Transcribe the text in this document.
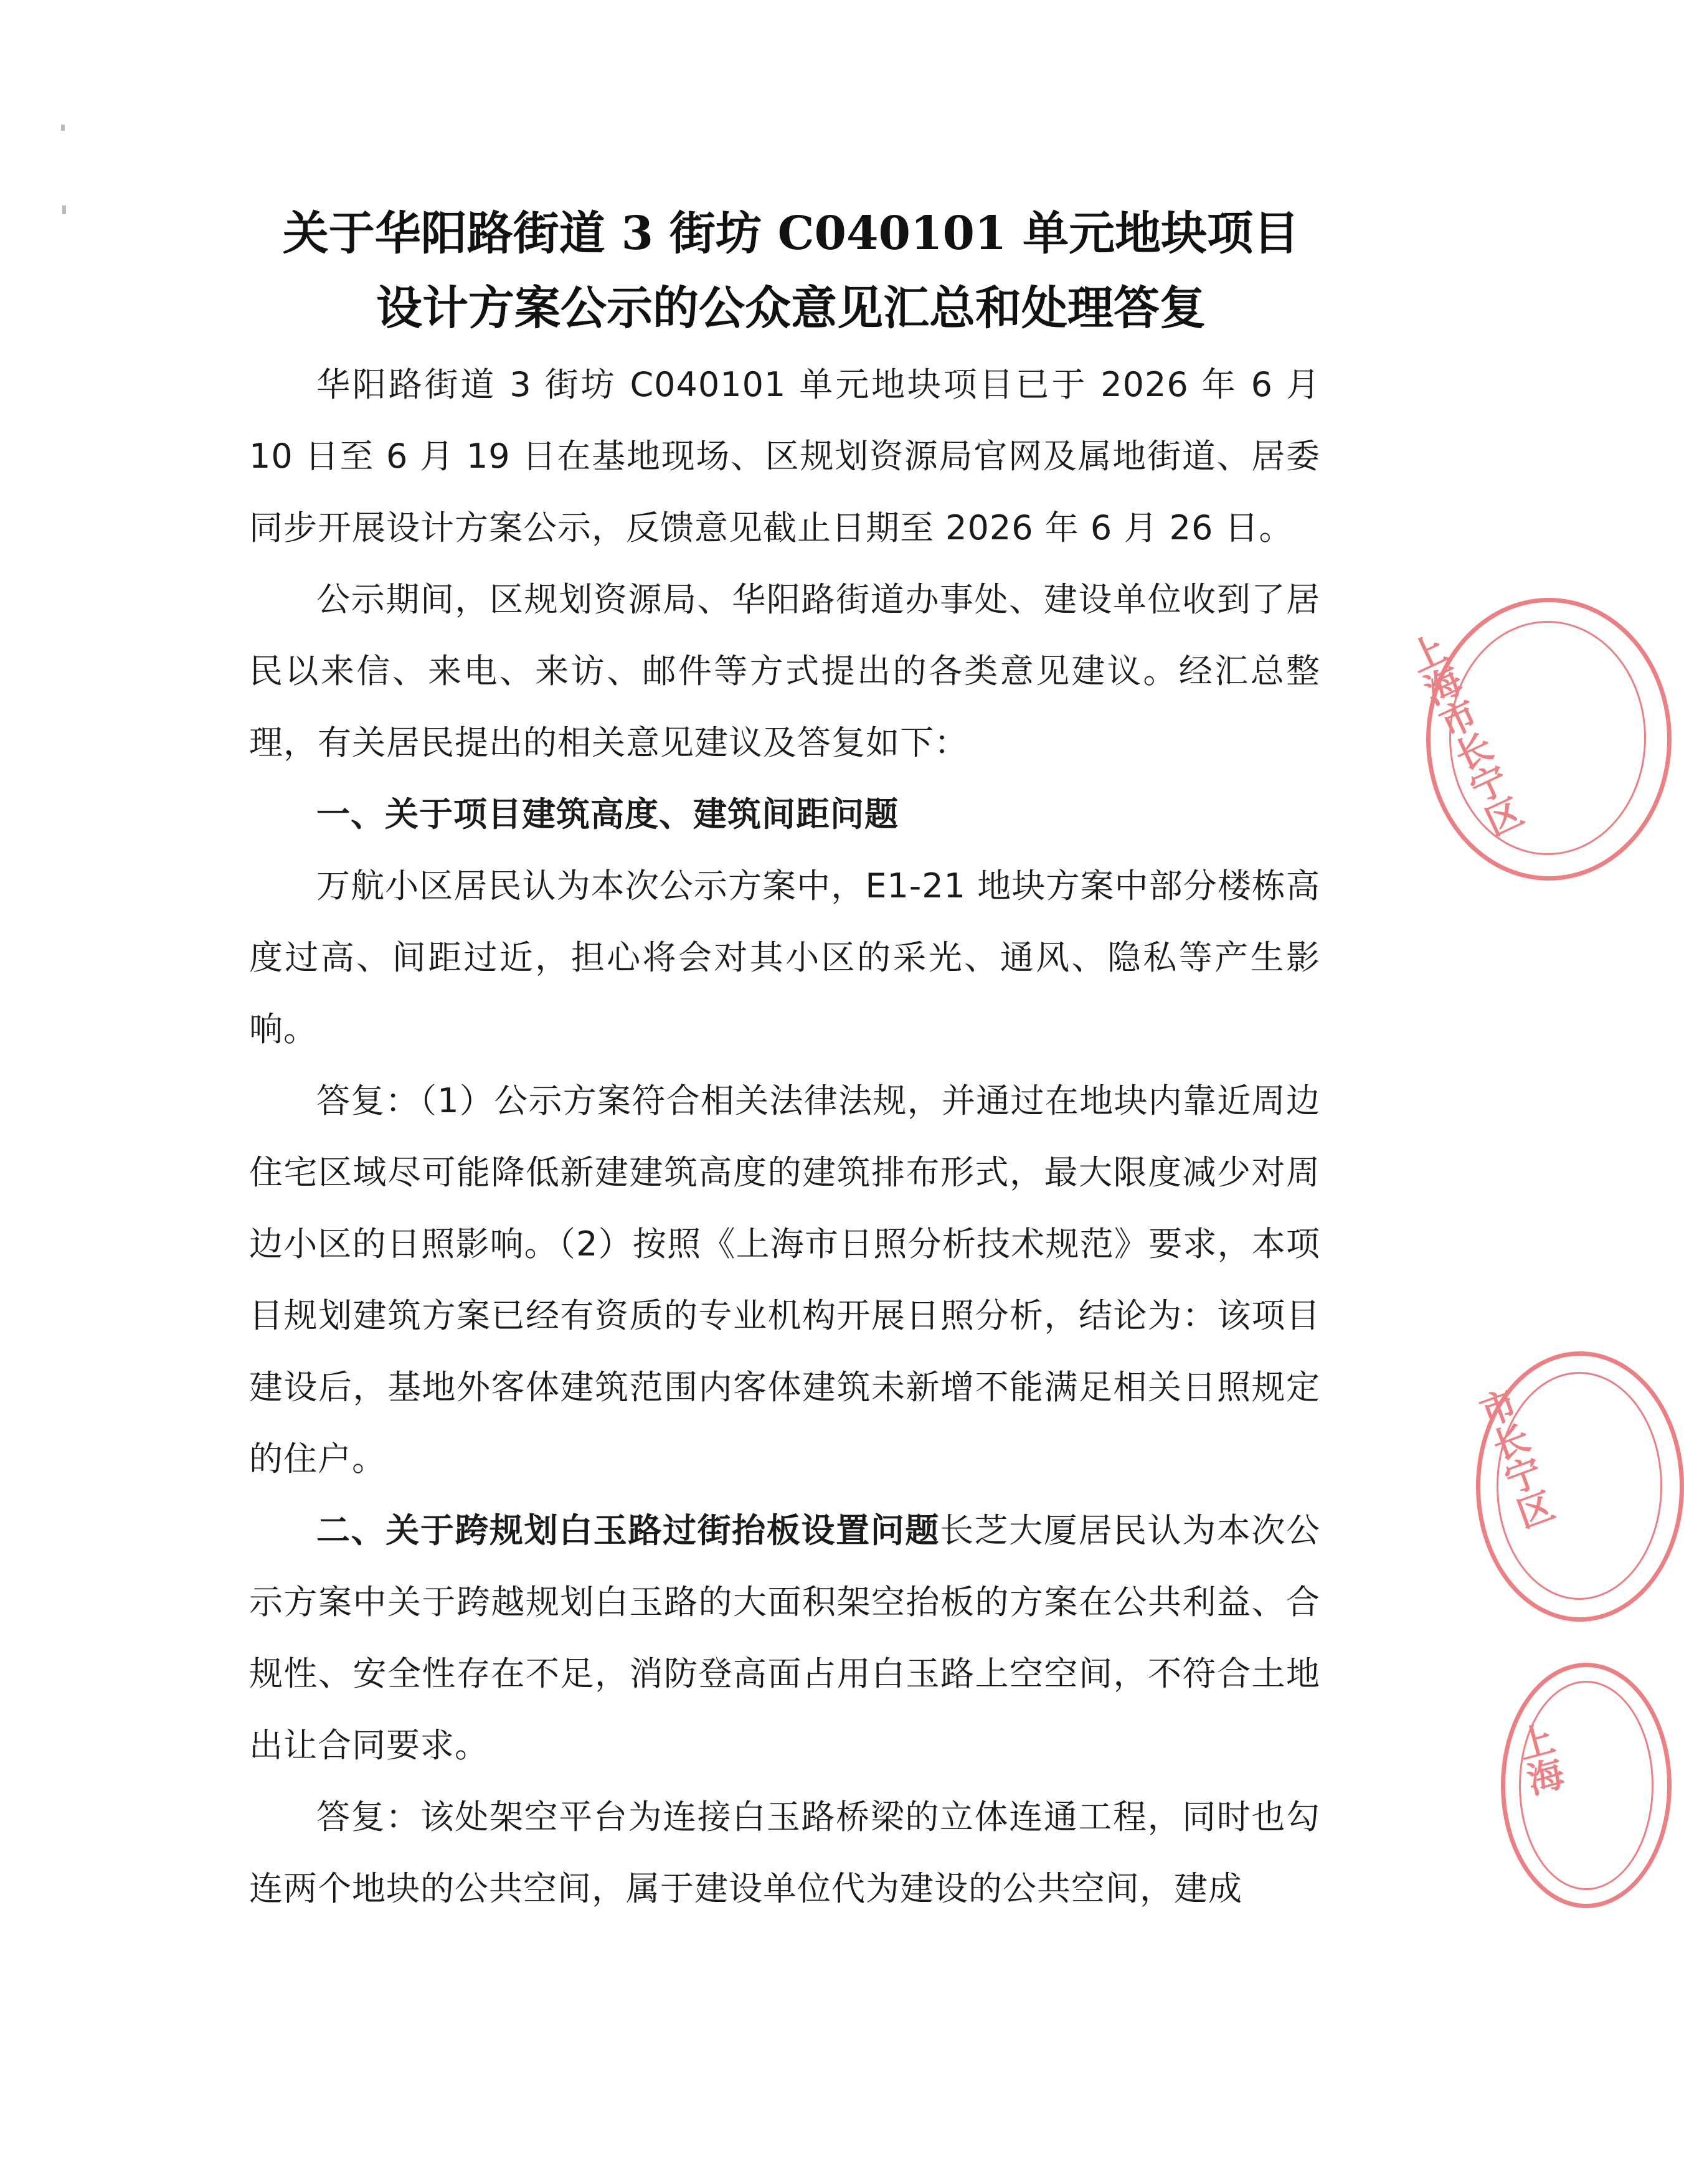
关于华阳路街道 3 街坊 C040101 单元地块项目
设计方案公示的公众意见汇总和处理答复

华阳路街道 3 街坊 C040101 单元地块项目已于 2026 年 6 月 10 日至 6 月 19 日在基地现场、区规划资源局官网及属地街道、居委同步开展设计方案公示，反馈意见截止日期至 2026 年 6 月 26 日。

公示期间，区规划资源局、华阳路街道办事处、建设单位收到了居民以来信、来电、来访、邮件等方式提出的各类意见建议。经汇总整理，有关居民提出的相关意见建议及答复如下：

一、关于项目建筑高度、建筑间距问题

万航小区居民认为本次公示方案中，E1-21 地块方案中部分楼栋高度过高、间距过近，担心将会对其小区的采光、通风、隐私等产生影响。

答复：（1）公示方案符合相关法律法规，并通过在地块内靠近周边住宅区域尽可能降低新建建筑高度的建筑排布形式，最大限度减少对周边小区的日照影响。（2）按照《上海市日照分析技术规范》要求，本项目规划建筑方案已经有资质的专业机构开展日照分析，结论为：该项目建设后，基地外客体建筑范围内客体建筑未新增不能满足相关日照规定的住户。

二、关于跨规划白玉路过街抬板设置问题长芝大厦居民认为本次公示方案中关于跨越规划白玉路的大面积架空抬板的方案在公共利益、合规性、安全性存在不足，消防登高面占用白玉路上空空间，不符合土地出让合同要求。

答复：该处架空平台为连接白玉路桥梁的立体连通工程，同时也勾连两个地块的公共空间，属于建设单位代为建设的公共空间，建成

上海市长宁区
市长宁区
上海
